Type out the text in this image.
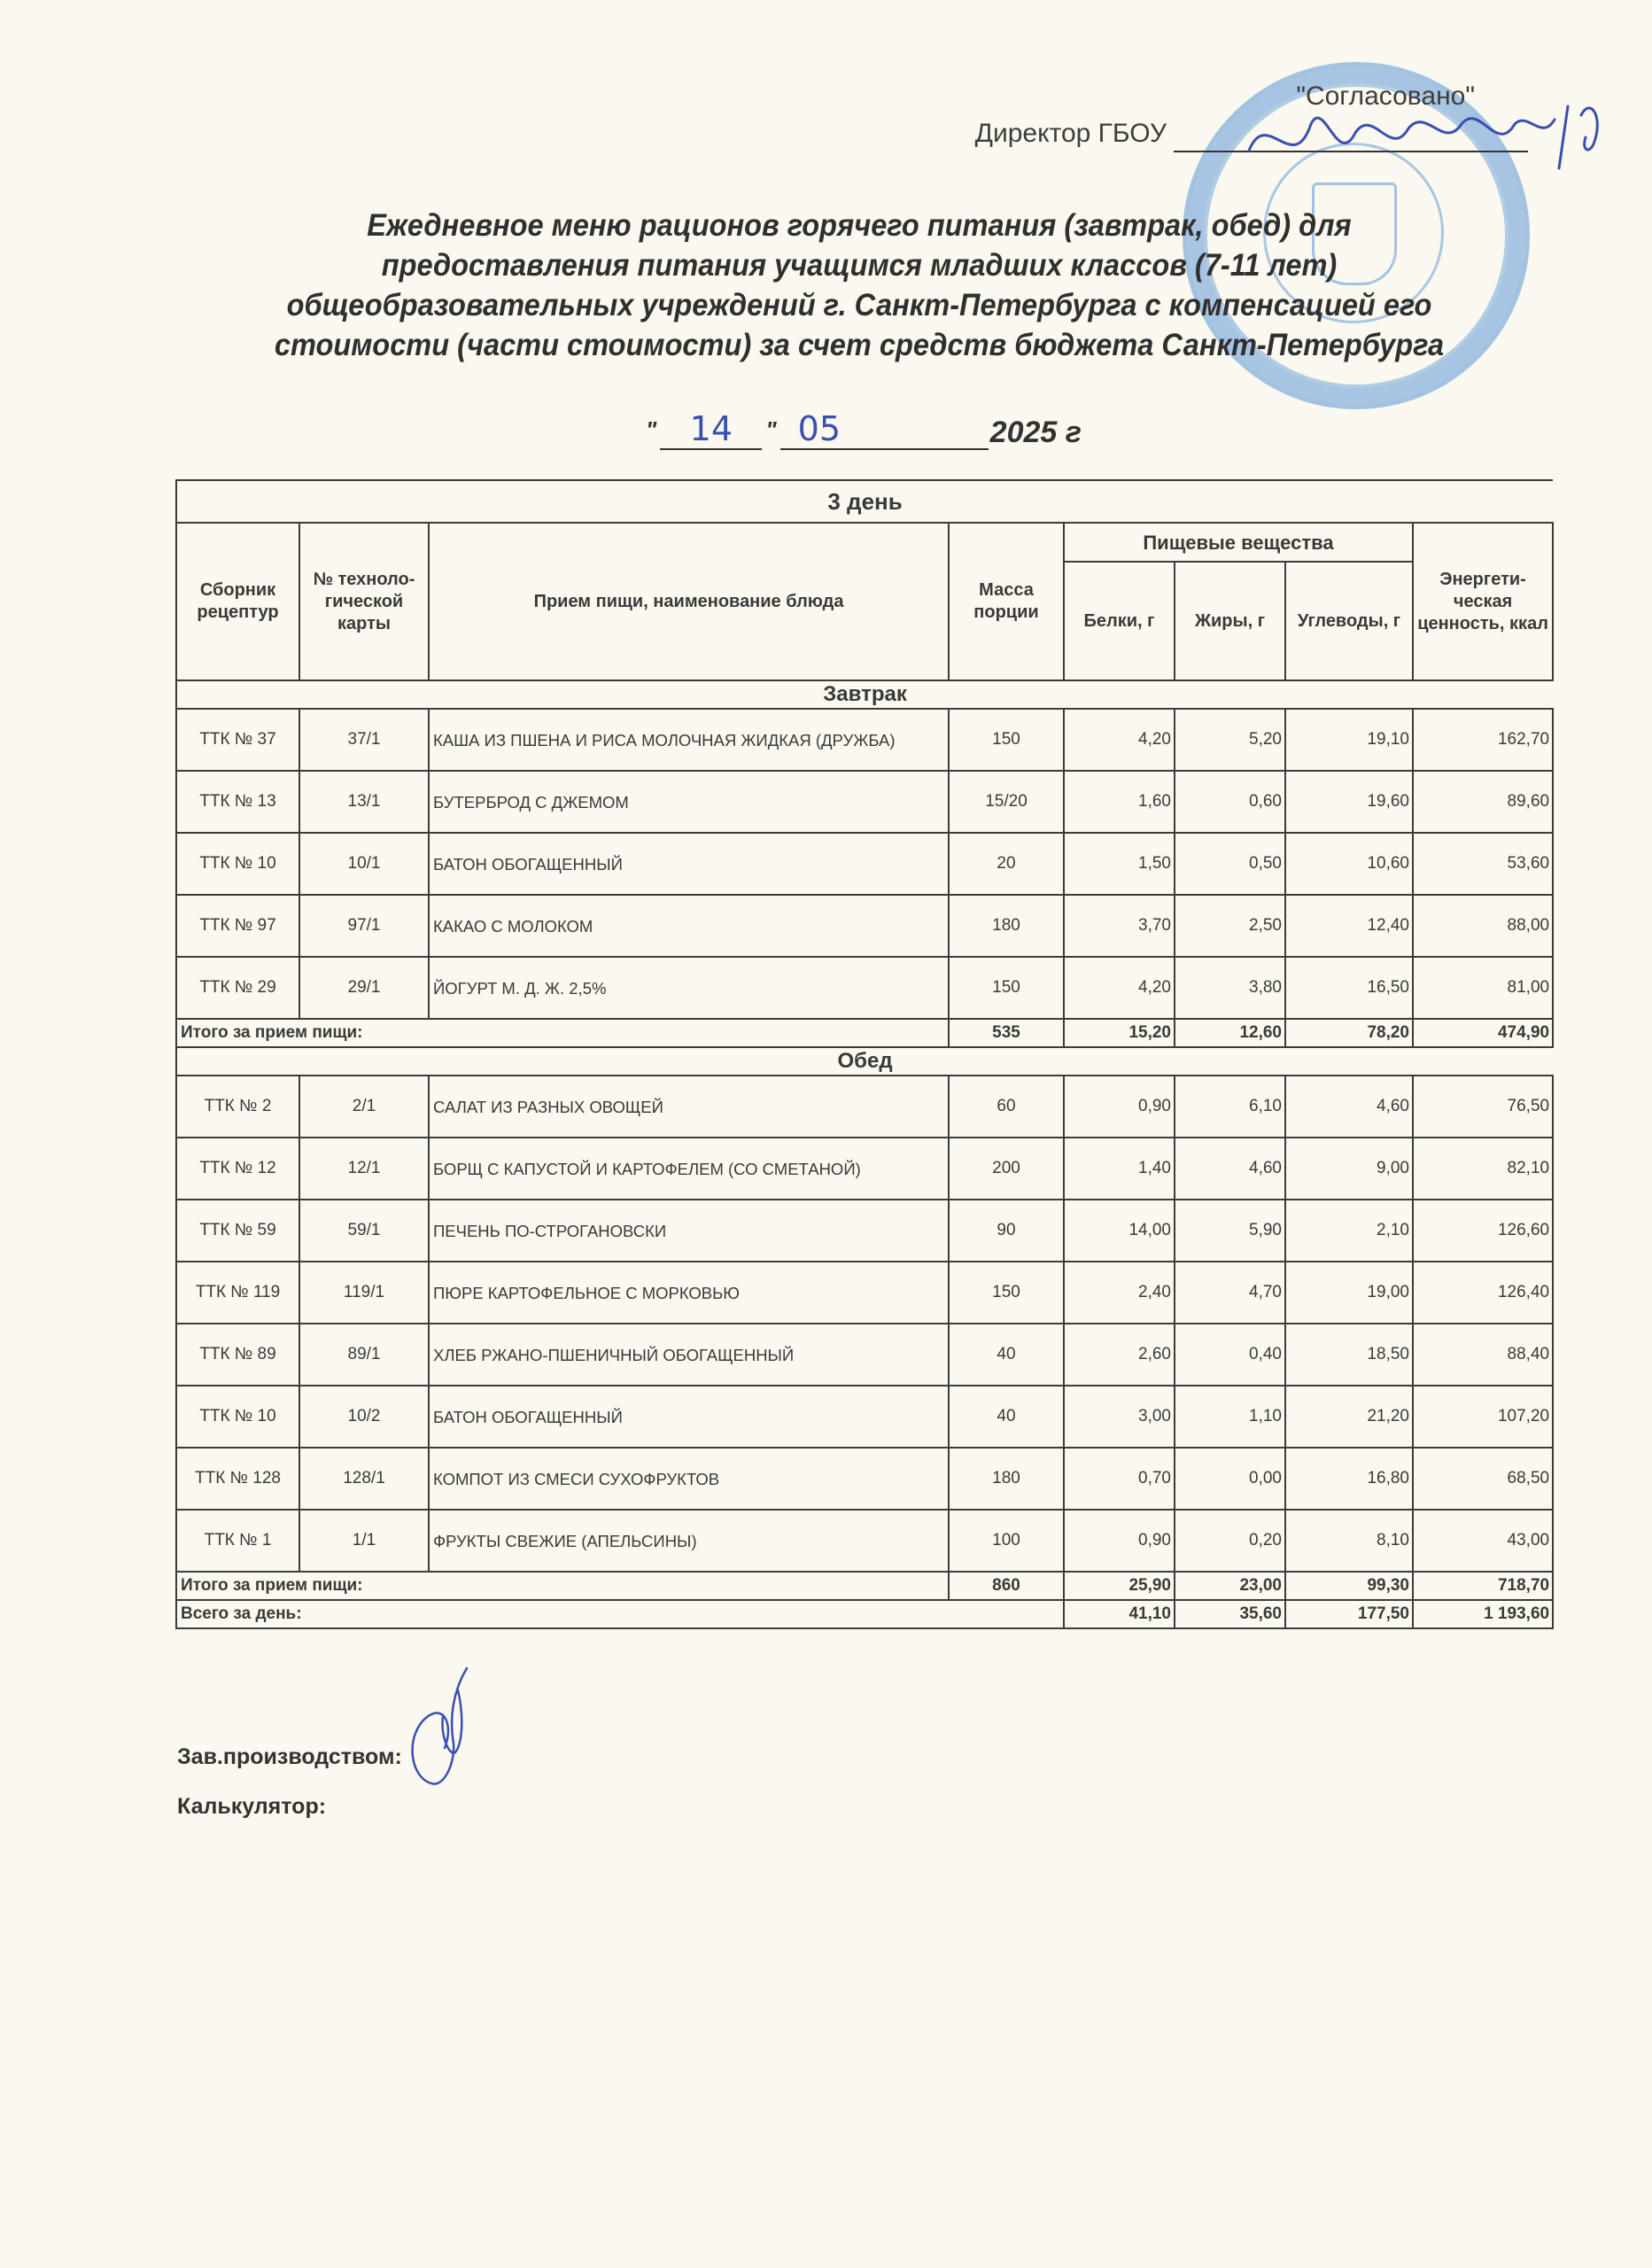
"Согласовано"
Директор ГБОУ
Ежедневное меню рационов горячего питания (завтрак, обед) для предоставления питания учащимся младших классов (7-11 лет) общеобразовательных учреждений г. Санкт-Петербурга с компенсацией его стоимости (части стоимости) за счет средств бюджета Санкт-Петербурга
" 14	" 05	2025 г
3 день							
Сборник рецептур	№ техноло- гической карты	Прием пищи, наименование блюда	Масса порции	Пищевые вещества			Энергети- ческая ценность, ккал
				Белки, г	Жиры, г	Углеводы, г	
Завтрак							
ТТК № 37	37/1	КАША ИЗ ПШЕНА И РИСА МОЛОЧНАЯ ЖИДКАЯ (ДРУЖБА)	150	4,20	5,20	19,10	162,70
ТТК № 13	13/1	БУТЕРБРОД С ДЖЕМОМ	15/20	1,60	0,60	19,60	89,60
ТТК № 10	10/1	БАТОН ОБОГАЩЕННЫЙ	20	1,50	0,50	10,60	53,60
ТТК № 97	97/1	КАКАО С МОЛОКОМ	180	3,70	2,50	12,40	88,00
ТТК № 29	29/1	ЙОГУРТ М. Д. Ж. 2,5%	150	4,20	3,80	16,50	81,00
Итого за прием пищи:			535	15,20	12,60	78,20	474,90
Обед							
ТТК № 2	2/1	САЛАТ ИЗ РАЗНЫХ ОВОЩЕЙ	60	0,90	6,10	4,60	76,50
ТТК № 12	12/1	БОРЩ С КАПУСТОЙ И КАРТОФЕЛЕМ (СО СМЕТАНОЙ)	200	1,40	4,60	9,00	82,10
ТТК № 59	59/1	ПЕЧЕНЬ ПО-СТРОГАНОВСКИ	90	14,00	5,90	2,10	126,60
ТТК № 119	119/1	ПЮРЕ КАРТОФЕЛЬНОЕ С МОРКОВЬЮ	150	2,40	4,70	19,00	126,40
ТТК № 89	89/1	ХЛЕБ РЖАНО-ПШЕНИЧНЫЙ ОБОГАЩЕННЫЙ	40	2,60	0,40	18,50	88,40
ТТК № 10	10/2	БАТОН ОБОГАЩЕННЫЙ	40	3,00	1,10	21,20	107,20
ТТК № 128	128/1	КОМПОТ ИЗ СМЕСИ СУХОФРУКТОВ	180	0,70	0,00	16,80	68,50
ТТК № 1	1/1	ФРУКТЫ СВЕЖИЕ (АПЕЛЬСИНЫ)	100	0,90	0,20	8,10	43,00
Итого за прием пищи:			860	25,90	23,00	99,30	718,70
Всего за день:				41,10	35,60	177,50	1 193,60
Зав.производством:
Калькулятор:
